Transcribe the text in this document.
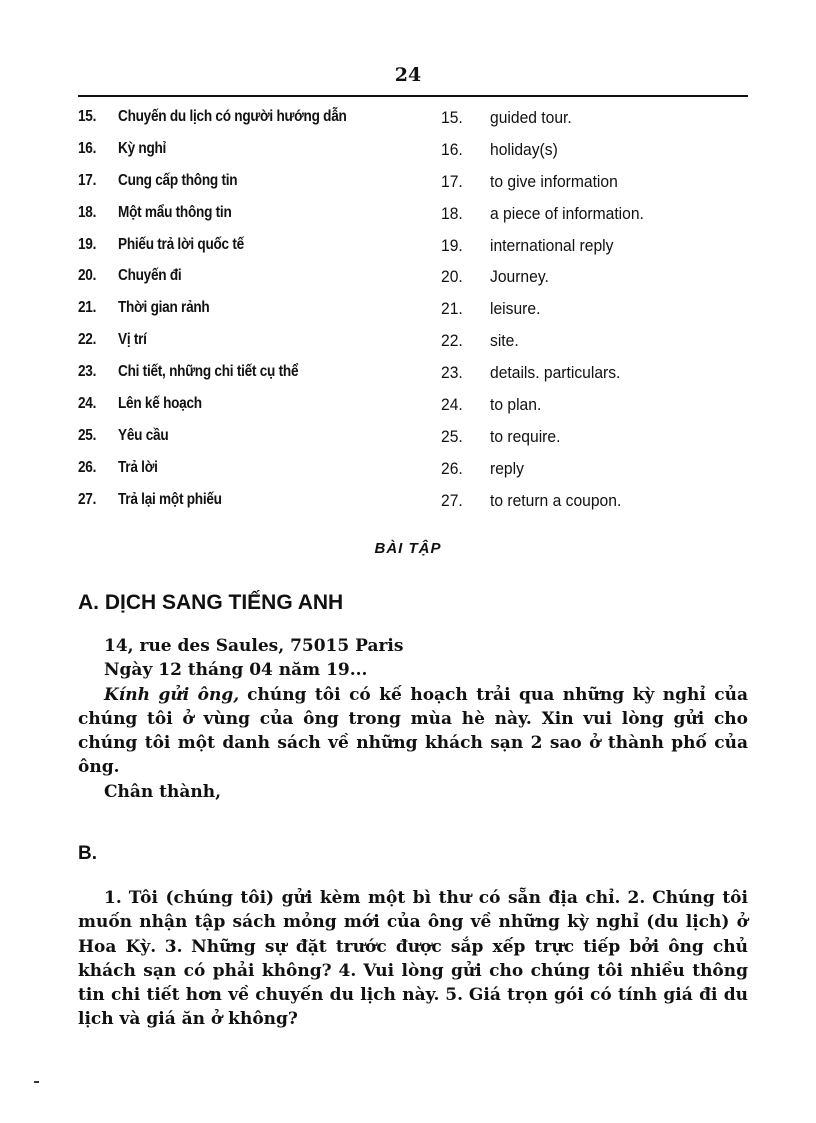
24
15. Chuyến du lịch có người hướng dẫn	15. guided tour.
16. Kỳ nghỉ	16. holiday(s)
17. Cung cấp thông tin	17. to give information
18. Một mẩu thông tin	18. a piece of information.
19. Phiếu trả lời quốc tế	19. international reply
20. Chuyến đi	20. Journey.
21. Thời gian rảnh	21. leisure.
22. Vị trí	22. site.
23. Chi tiết, những chi tiết cụ thể	23. details. particulars.
24. Lên kế hoạch	24. to plan.
25. Yêu cầu	25. to require.
26. Trả lời	26. reply
27. Trả lại một phiếu	27. to return a coupon.
BÀI TẬP
A. DỊCH SANG TIẾNG ANH

14, rue des Saules, 75015 Paris

Ngày 12 tháng 04 năm 19...

Kính gửi ông, chúng tôi có kế hoạch trải qua những kỳ nghỉ của chúng tôi ở vùng của ông trong mùa hè này. Xin vui lòng gửi cho chúng tôi một danh sách về những khách sạn 2 sao ở thành phố của ông.

Chân thành,

B.

1. Tôi (chúng tôi) gửi kèm một bì thư có sẵn địa chỉ. 2. Chúng tôi muốn nhận tập sách mỏng mới của ông về những kỳ nghỉ (du lịch) ở Hoa Kỳ. 3. Những sự đặt trước được sắp xếp trực tiếp bởi ông chủ khách sạn có phải không? 4. Vui lòng gửi cho chúng tôi nhiều thông tin chi tiết hơn về chuyến du lịch này. 5. Giá trọn gói có tính giá đi du lịch và giá ăn ở không?
